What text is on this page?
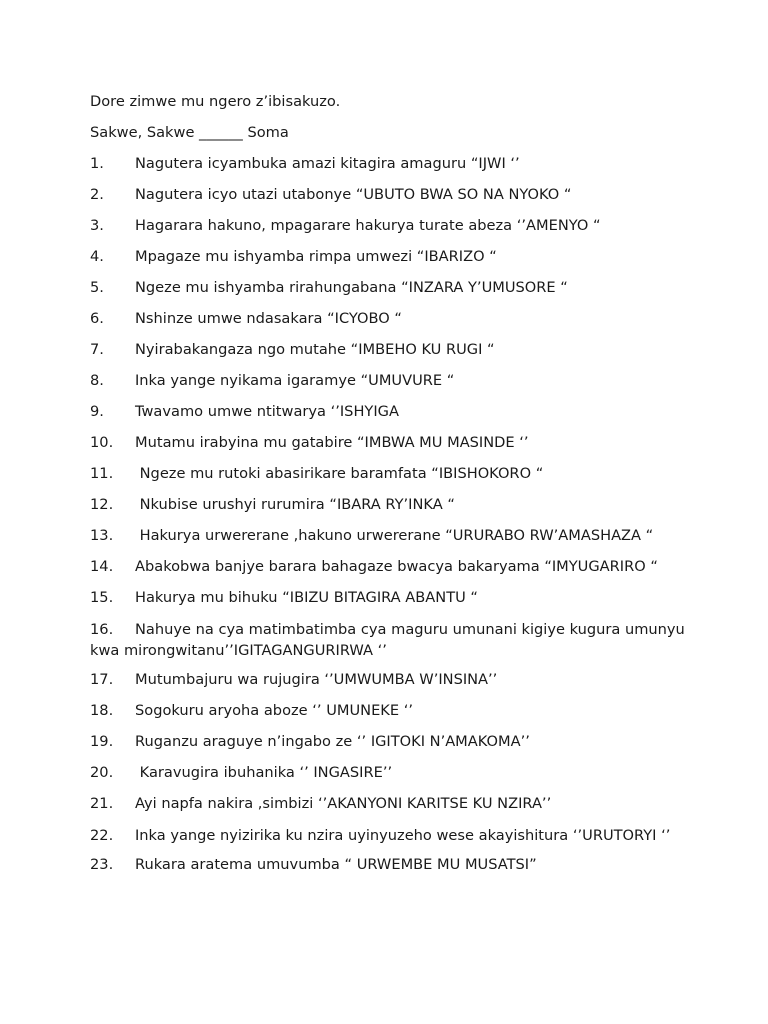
Dore zimwe mu ngero z’ibisakuzo.
Sakwe, Sakwe ______ Soma
1. Nagutera icyambuka amazi kitagira amaguru “IJWI ‘’
2. Nagutera icyo utazi utabonye “UBUTO BWA SO NA NYOKO “
3. Hagarara hakuno, mpagarare hakurya turate abeza ‘’AMENYO “
4. Mpagaze mu ishyamba rimpa umwezi “IBARIZO “
5. Ngeze mu ishyamba rirahungabana “INZARA Y’UMUSORE “
6. Nshinze umwe ndasakara “ICYOBO “
7. Nyirabakangaza ngo mutahe “IMBEHO KU RUGI “
8. Inka yange nyikama igaramye “UMUVURE “
9. Twavamo umwe ntitwarya ‘’ISHYIGA
10. Mutamu irabyina mu gatabire “IMBWA MU MASINDE ‘’
11. Ngeze mu rutoki abasirikare baramfata “IBISHOKORO “
12. Nkubise urushyi rurumira “IBARA RY’INKA “
13. Hakurya urwererane ,hakuno urwererane “URURABO RW’AMASHAZA “
14. Abakobwa banjye barara bahagaze bwacya bakaryama “IMYUGARIRO “
15. Hakurya mu bihuku “IBIZU BITAGIRA ABANTU “
16. Nahuye na cya matimbatimba cya maguru umunani kigiye kugura umunyu kwa mirongwitanu’’IGITAGANGURIRWA ‘’
17. Mutumbajuru wa rujugira ‘’UMWUMBA W’INSINA’’
18. Sogokuru aryoha aboze ‘’ UMUNEKE ‘’
19. Ruganzu araguye n’ingabo ze ‘’ IGITOKI N’AMAKOMA’’
20. Karavugira ibuhanika ‘’ INGASIRE’’
21. Ayi napfa nakira ,simbizi ‘’AKANYONI KARITSE KU NZIRA’’
22. Inka yange nyizirika ku nzira uyinyuzeho wese akayishitura ‘’URUTORYI ‘’
23. Rukara aratema umuvumba “ URWEMBE MU MUSATSI”
